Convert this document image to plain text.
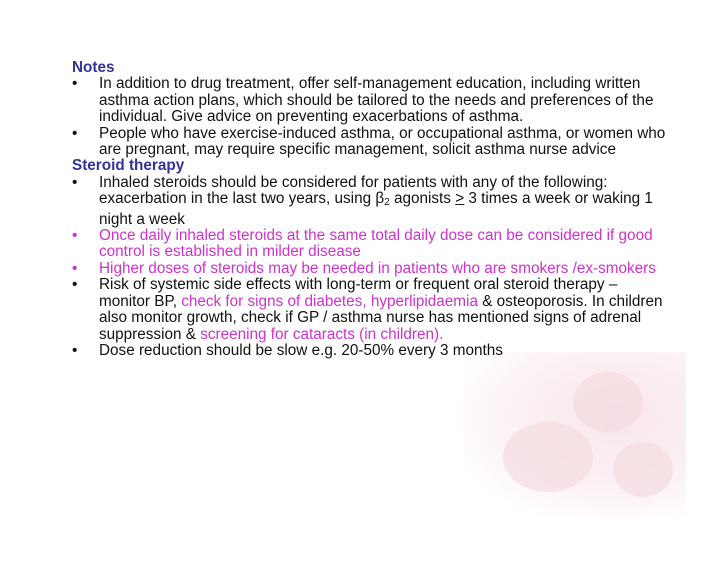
Notes
•	In addition to drug treatment, offer self-management education, including written asthma action plans, which should be tailored to the needs and preferences of the individual. Give advice on preventing exacerbations of asthma.
•	People who have exercise-induced asthma, or occupational asthma, or women who are pregnant, may require specific management, solicit asthma nurse advice
Steroid therapy
•	Inhaled steroids should be considered for patients with any of the following: exacerbation in the last two years, using $\beta_2$ agonists ≥ 3 times a week or waking 1 night a week
•	Once daily inhaled steroids at the same total daily dose can be considered if good control is established in milder disease
•	Higher doses of steroids may be needed in patients who are smokers /ex-smokers
•	Risk of systemic side effects with long-term or frequent oral steroid therapy – monitor BP, check for signs of diabetes, hyperlipidaemia & osteoporosis. In children also monitor growth, check if GP / asthma nurse has mentioned signs of adrenal suppression & screening for cataracts (in children).
•	Dose reduction should be slow e.g. 20-50% every 3 months
